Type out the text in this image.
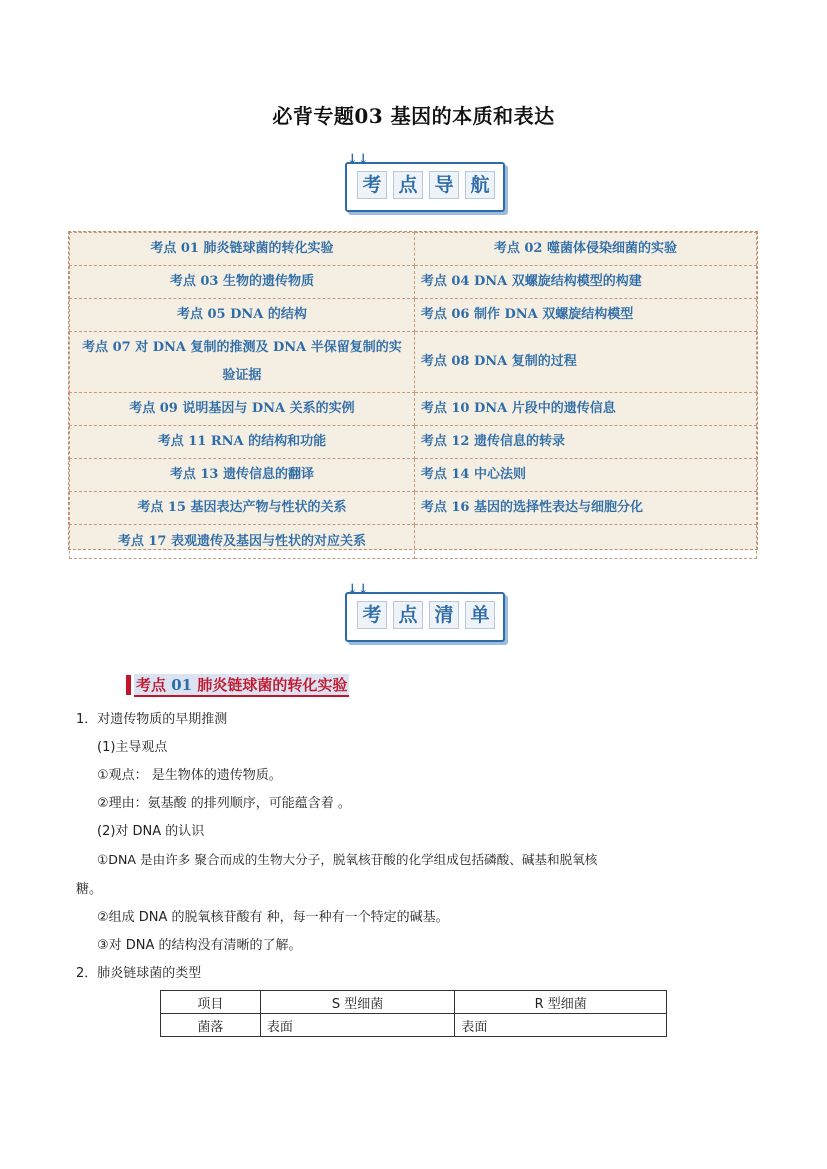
必背专题03 基因的本质和表达
↓↓
考 点 导 航
考点 01 肺炎链球菌的转化实验	考点 02 噬菌体侵染细菌的实验
考点 03 生物的遗传物质	考点 04 DNA 双螺旋结构模型的构建
考点 05 DNA 的结构	考点 06 制作 DNA 双螺旋结构模型
考点 07 对 DNA 复制的推测及 DNA 半保留复制的实验证据	考点 08 DNA 复制的过程
考点 09 说明基因与 DNA 关系的实例	考点 10 DNA 片段中的遗传信息
考点 11 RNA 的结构和功能	考点 12 遗传信息的转录
考点 13 遗传信息的翻译	考点 14 中心法则
考点 15 基因表达产物与性状的关系	考点 16 基因的选择性表达与细胞分化
考点 17 表观遗传及基因与性状的对应关系	
↓↓
考 点 清 单
考点 01 肺炎链球菌的转化实验
1．对遗传物质的早期推测
(1)主导观点
①观点： 是生物体的遗传物质。
②理由：氨基酸 的排列顺序，可能蕴含着 。
(2)对 DNA 的认识
①DNA 是由许多 聚合而成的生物大分子，脱氧核苷酸的化学组成包括磷酸、碱基和脱氧核
糖。
②组成 DNA 的脱氧核苷酸有 种，每一种有一个特定的碱基。
③对 DNA 的结构没有清晰的了解。
2．肺炎链球菌的类型
项目	S 型细菌	R 型细菌
菌落	表面	表面
